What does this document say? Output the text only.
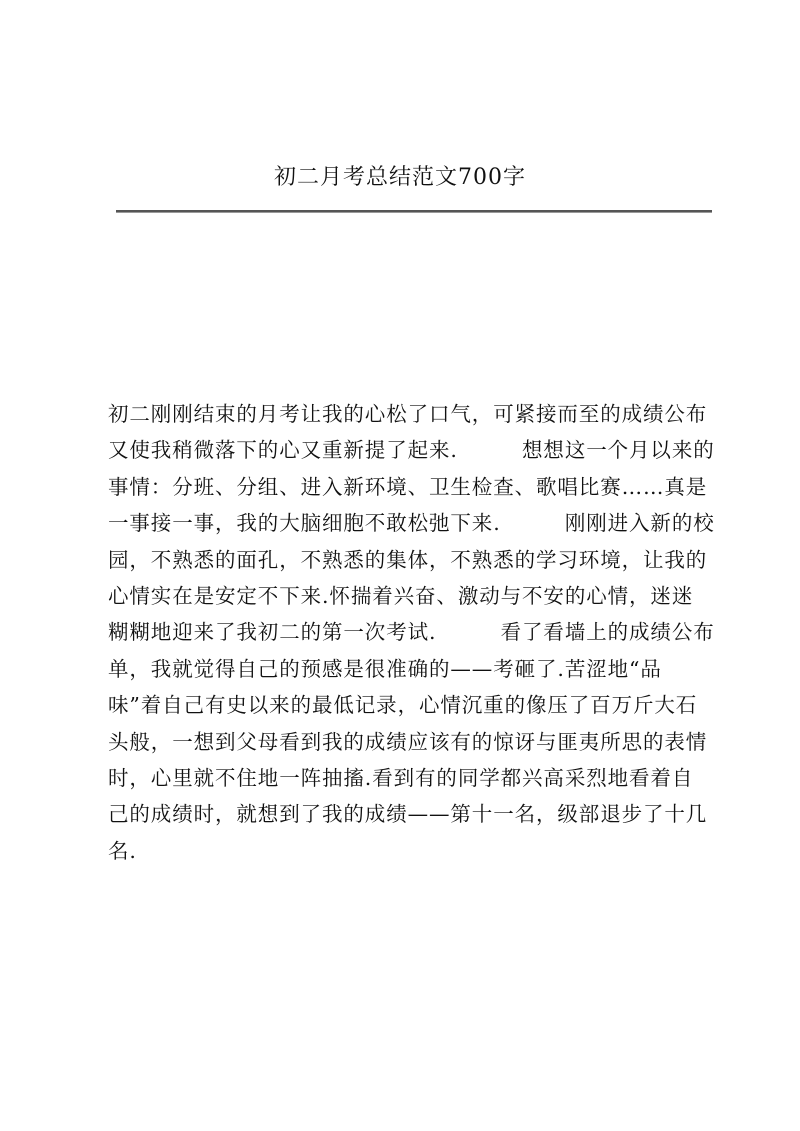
初二月考总结范文700字
初二刚刚结束的月考让我的心松了口气，可紧接而至的成绩公布
又使我稍微落下的心又重新提了起来.　　　想想这一个月以来的
事情：分班、分组、进入新环境、卫生检查、歌唱比赛……真是
一事接一事，我的大脑细胞不敢松弛下来.　　　刚刚进入新的校
园，不熟悉的面孔，不熟悉的集体，不熟悉的学习环境，让我的
心情实在是安定不下来.怀揣着兴奋、激动与不安的心情，迷迷
糊糊地迎来了我初二的第一次考试.　　　看了看墙上的成绩公布
单，我就觉得自己的预感是很准确的——考砸了.苦涩地“品
味”着自己有史以来的最低记录，心情沉重的像压了百万斤大石
头般，一想到父母看到我的成绩应该有的惊讶与匪夷所思的表情
时，心里就不住地一阵抽搐.看到有的同学都兴高采烈地看着自
己的成绩时，就想到了我的成绩——第十一名，级部退步了十几
名.
